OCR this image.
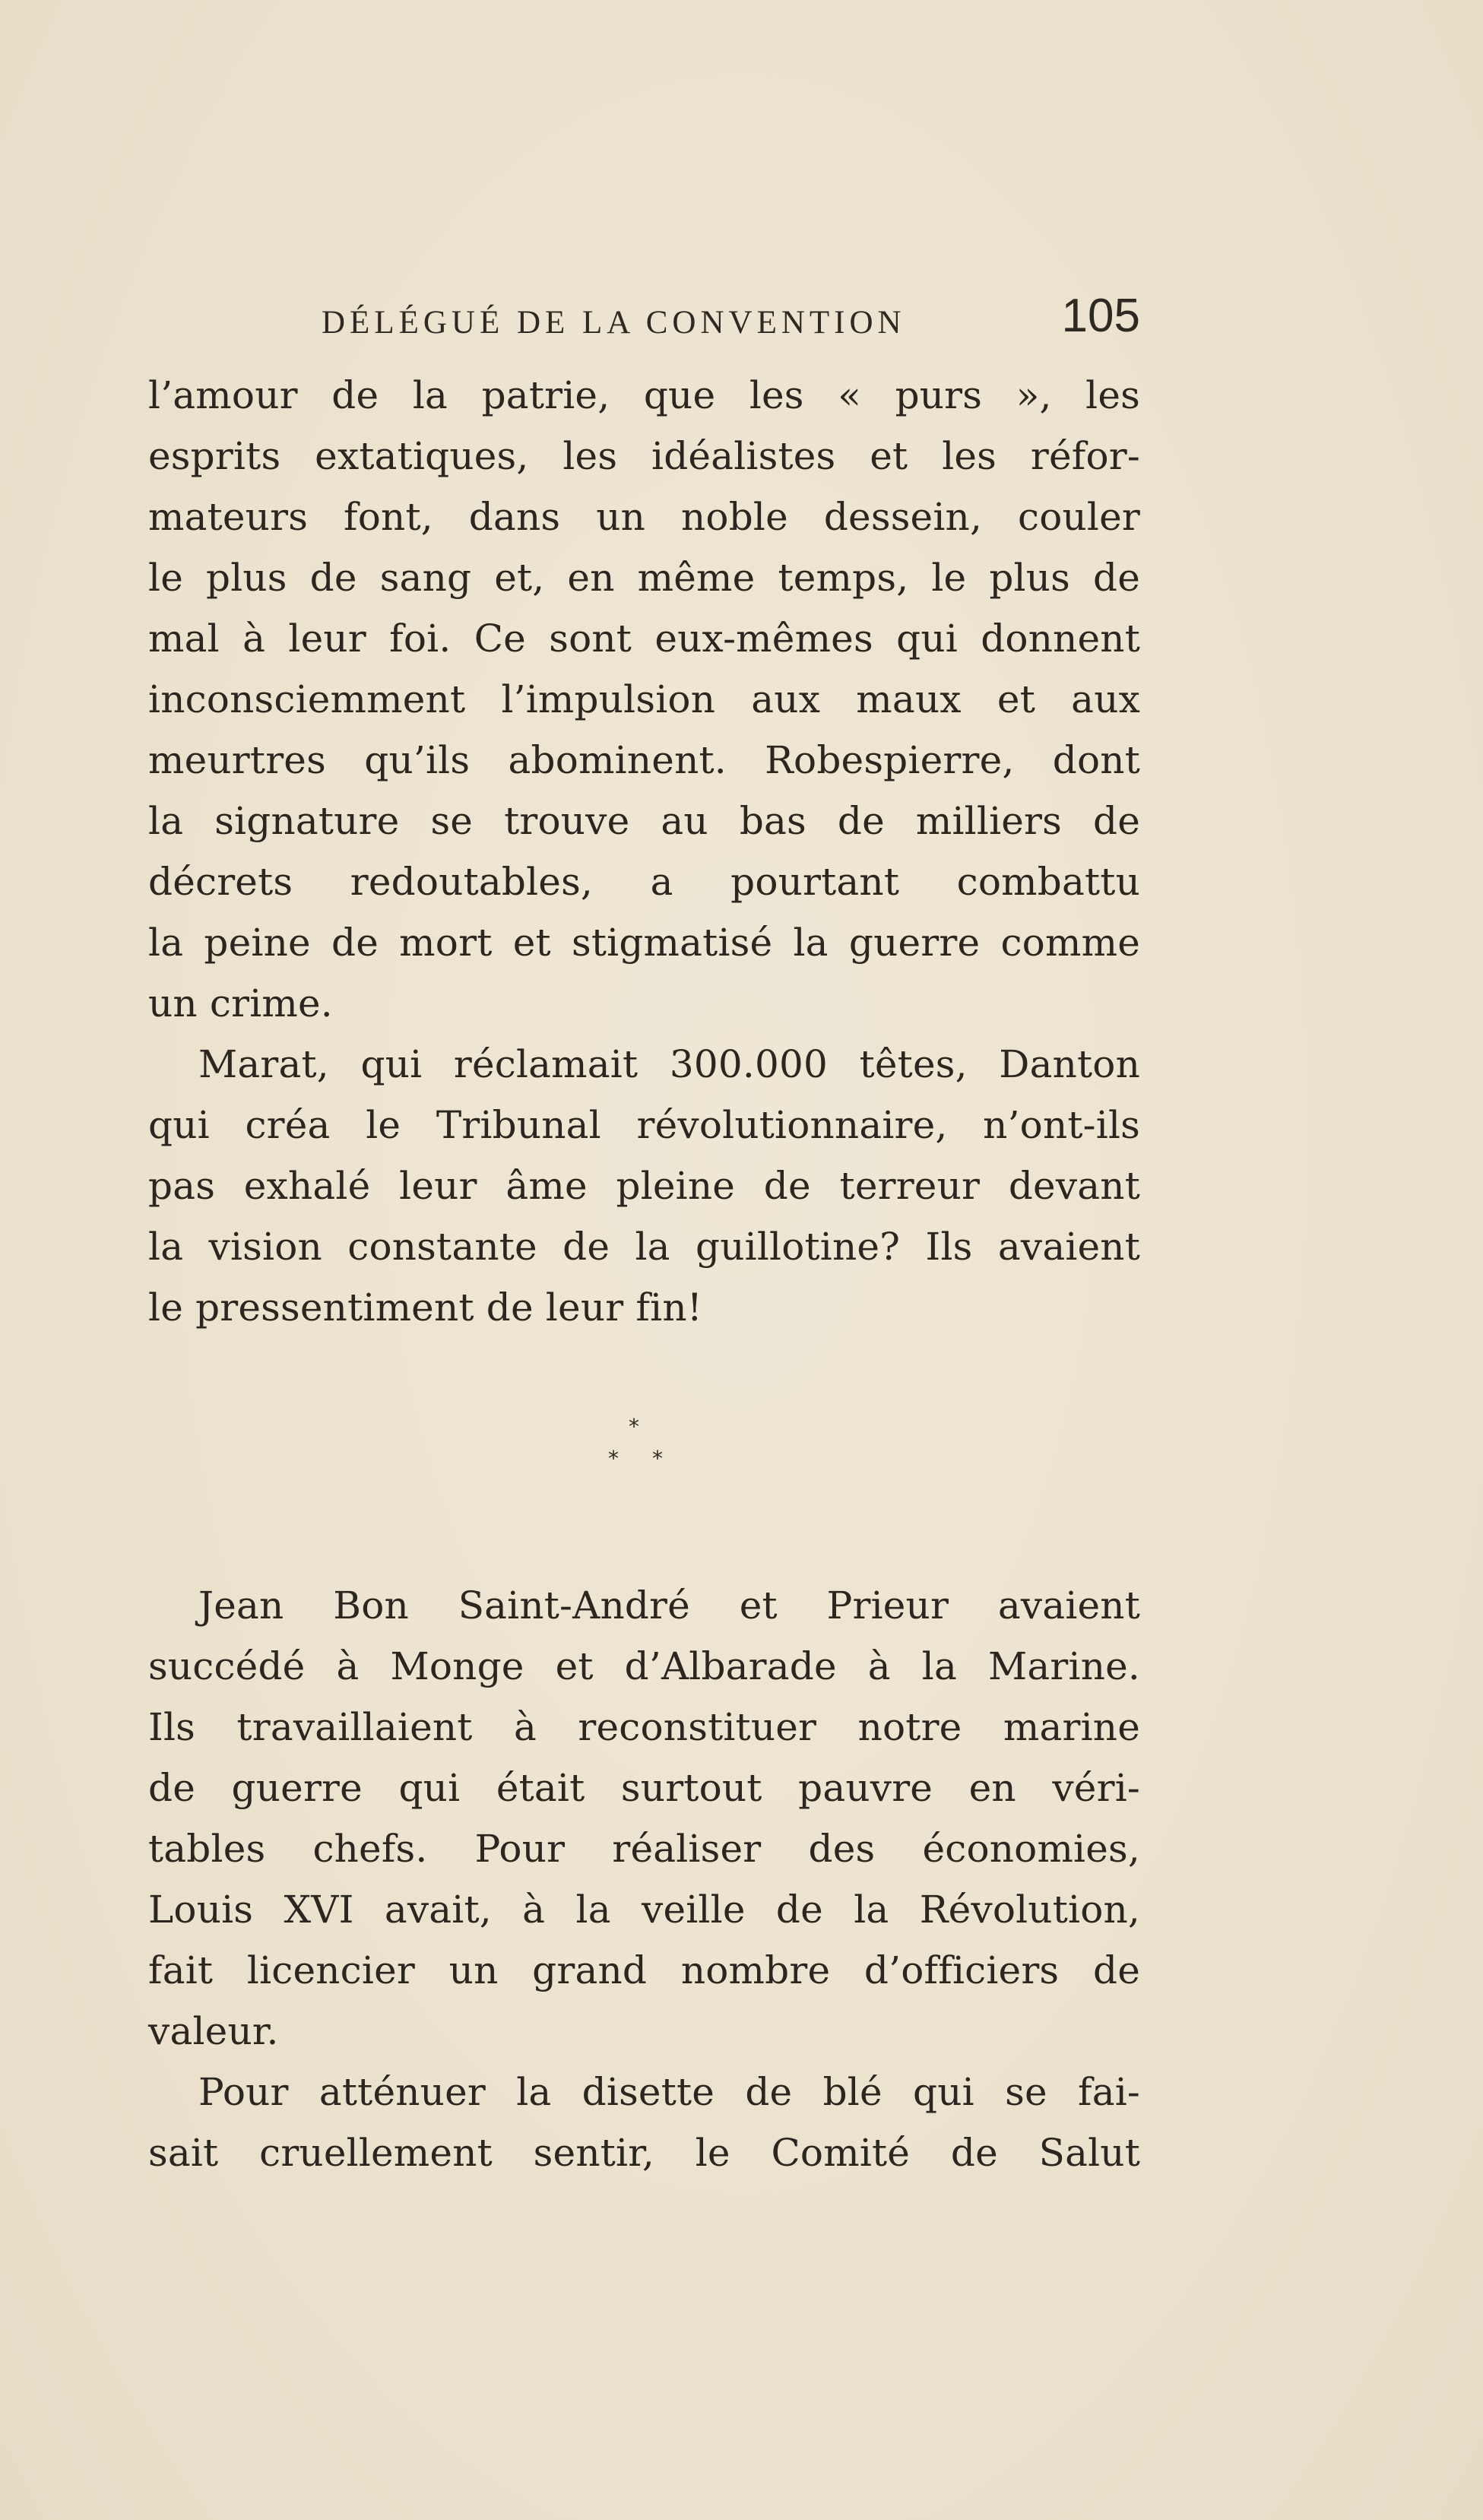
DÉLÉGUÉ DE LA CONVENTION	105
l’amour de la patrie, que les « purs », les
esprits extatiques, les idéalistes et les réfor-
mateurs font, dans un noble dessein, couler
le plus de sang et, en même temps, le plus de
mal à leur foi. Ce sont eux-mêmes qui donnent
inconsciemment l’impulsion aux maux et aux
meurtres qu’ils abominent. Robespierre, dont
la signature se trouve au bas de milliers de
décrets redoutables, a pourtant combattu
la peine de mort et stigmatisé la guerre comme
un crime.
Marat, qui réclamait 300.000 têtes, Danton
qui créa le Tribunal révolutionnaire, n’ont-ils
pas exhalé leur âme pleine de terreur devant
la vision constante de la guillotine? Ils avaient
le pressentiment de leur fin!
*
* *
Jean Bon Saint-André et Prieur avaient
succédé à Monge et d’Albarade à la Marine.
Ils travaillaient à reconstituer notre marine
de guerre qui était surtout pauvre en véri-
tables chefs. Pour réaliser des économies,
Louis XVI avait, à la veille de la Révolution,
fait licencier un grand nombre d’officiers de
valeur.
Pour atténuer la disette de blé qui se fai-
sait cruellement sentir, le Comité de Salut
